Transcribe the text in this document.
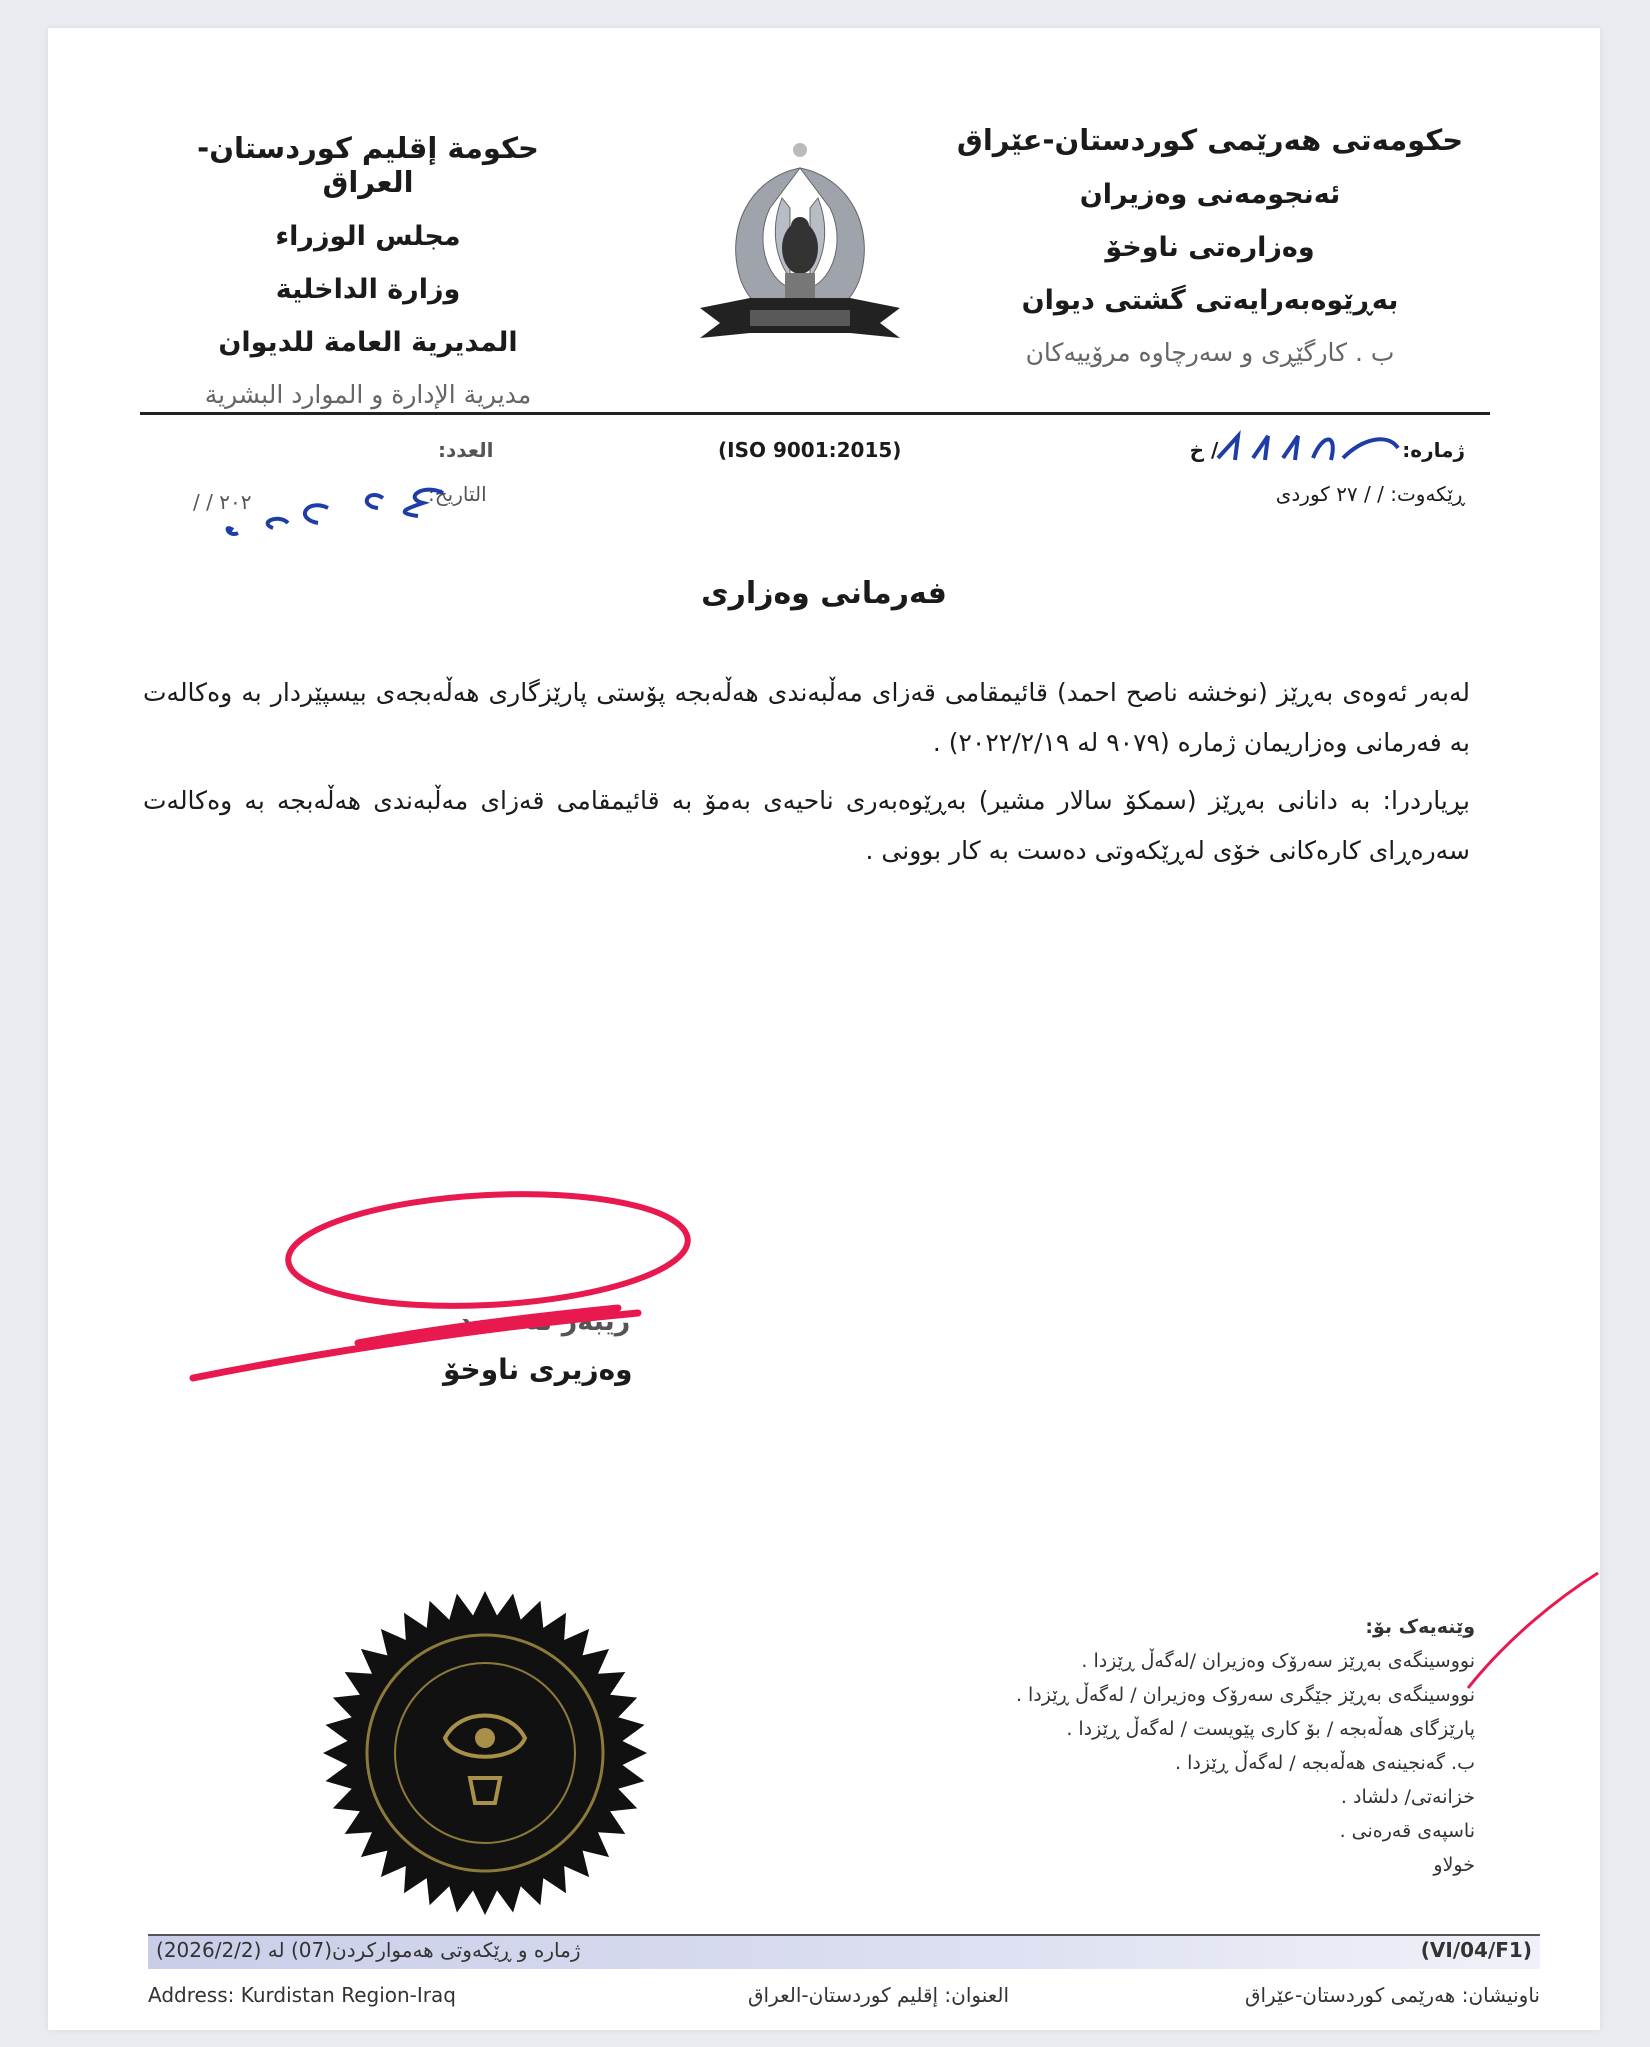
حکومەتی هەرێمی کوردستان-عێراق
ئەنجومەنی وەزیران
وەزارەتی ناوخۆ
بەڕێوەبەرایەتی گشتی دیوان
ب . کارگێڕی و سەرچاوە مرۆییەکان
حكومة إقليم كوردستان-العراق
مجلس الوزراء
وزارة الداخلية
المديرية العامة للديوان
مديرية الإدارة و الموارد البشرية
ژمارە:  / خ
ڕێکەوت: / / ٢٧ کوردی
(ISO 9001:2015)
العدد:
التاريخ:
٢٠٢ / /
فەرمانی وەزاری
لەبەر ئەوەی بەڕێز (نوخشە ناصح احمد) قائیمقامی قەزای مەڵبەندی هەڵەبجە پۆستی پارێزگاری هەڵەبجەی بیسپێردار بە وەکالەت بە فەرمانی وەزاریمان ژمارە (٩٠٧٩ لە ٢٠٢٢/٢/١٩) .
بڕیاردرا: بە دانانی بەڕێز (سمکۆ سالار مشیر) بەڕێوەبەری ناحیەی بەمۆ بە قائیمقامی قەزای مەڵبەندی هەڵەبجە بە وەکالەت سەرەڕای کارەکانی خۆی لەڕێکەوتی دەست بە کار بوونی .
ریبەر ئەحمەد
وەزیری ناوخۆ
وێنەیەک بۆ:
نووسینگەی بەڕێز سەرۆک وەزیران /لەگەڵ ڕێزدا .
نووسینگەی بەڕێز جێگری سەرۆک وەزیران / لەگەڵ ڕێزدا .
پارێزگای هەڵەبجە / بۆ کاری پێویست / لەگەڵ ڕێزدا .
ب. گەنجینەی هەڵەبجە / لەگەڵ ڕێزدا .
خزانەتی/ دلشاد .
ناسپەی قەرەنی .
خولاو
ژمارە و ڕێکەوتی هەموارکردن(07) لە (2026/2/2)	(VI/04/F1)
Address: Kurdistan Region-Iraq	العنوان: إقليم كوردستان-العراق	ناونیشان: هەرێمی کوردستان-عێراق
